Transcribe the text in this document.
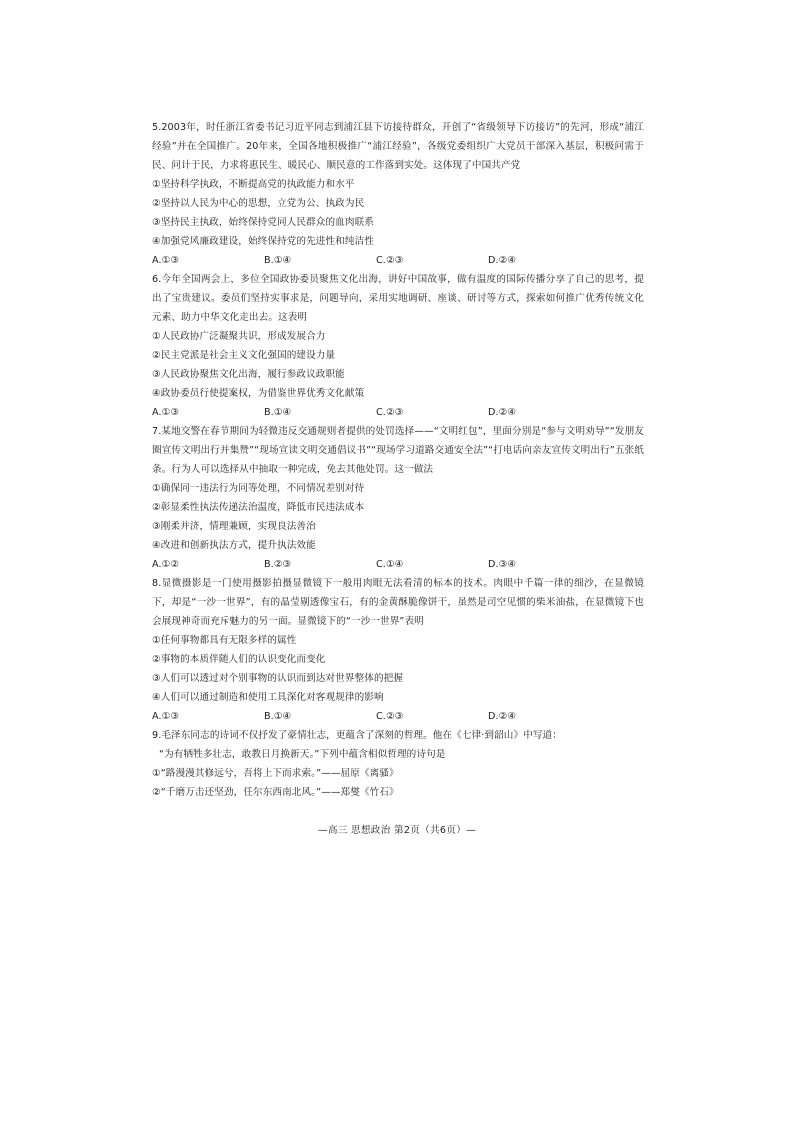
5.2003年，时任浙江省委书记习近平同志到浦江县下访接待群众，开创了“省级领导下访接访”的先河，形成“浦江经验”并在全国推广。20年来，全国各地积极推广“浦江经验”，各级党委组织广大党员干部深入基层，积极问需于民、问计于民，力求将惠民生、暖民心、顺民意的工作落到实处。这体现了中国共产党

①坚持科学执政，不断提高党的执政能力和水平

②坚持以人民为中心的思想，立党为公、执政为民

③坚持民主执政，始终保持党同人民群众的血肉联系

④加强党风廉政建设，始终保持党的先进性和纯洁性

A.①③	B.①④	C.②③	D.②④

6.今年全国两会上，多位全国政协委员聚焦文化出海，讲好中国故事，做有温度的国际传播分享了自己的思考，提出了宝贵建议。委员们坚持实事求是，问题导向，采用实地调研、座谈、研讨等方式，探索如何推广优秀传统文化元素、助力中华文化走出去。这表明

①人民政协广泛凝聚共识，形成发展合力

②民主党派是社会主义文化强国的建设力量

③人民政协聚焦文化出海，履行参政议政职能

④政协委员行使提案权，为借鉴世界优秀文化献策

A.①③	B.①④	C.②③	D.②④

7.某地交警在春节期间为轻微违反交通规则者提供的处罚选择——“文明红包”，里面分别是“参与文明劝导”“发朋友圈宣传文明出行并集赞”“现场宣读文明交通倡议书”“现场学习道路交通安全法”“打电话向亲友宣传文明出行”五张纸条。行为人可以选择从中抽取一种完成，免去其他处罚。这一做法

①确保同一违法行为同等处理，不同情况差别对待

②彰显柔性执法传递法治温度，降低市民违法成本

③刚柔并济，情理兼顾，实现良法善治

④改进和创新执法方式，提升执法效能

A.①②	B.②③	C.①④	D.③④

8.显微摄影是一门使用摄影拍摄显微镜下一般用肉眼无法看清的标本的技术。肉眼中千篇一律的细沙，在显微镜下，却是“一沙一世界”，有的晶莹剔透像宝石，有的金黄酥脆像饼干，虽然是司空见惯的柴米油盐，在显微镜下也会展现神奇而充斥魅力的另一面。显微镜下的“一沙一世界”表明

①任何事物都具有无限多样的属性

②事物的本质伴随人们的认识变化而变化

③人们可以透过对个别事物的认识而到达对世界整体的把握

④人们可以通过制造和使用工具深化对客观规律的影响

A.①③	B.①④	C.②③	D.②④

9.毛泽东同志的诗词不仅抒发了豪情壮志，更蕴含了深刻的哲理。他在《七律·到韶山》中写道：

“为有牺牲多壮志，敢教日月换新天。”下列中蕴含相似哲理的诗句是

①“路漫漫其修远兮，吾将上下而求索。”——屈原《离骚》

②“千磨万击还坚劲，任尔东西南北风。”——郑燮《竹石》

—高三 思想政治 第2页（共6页）—
